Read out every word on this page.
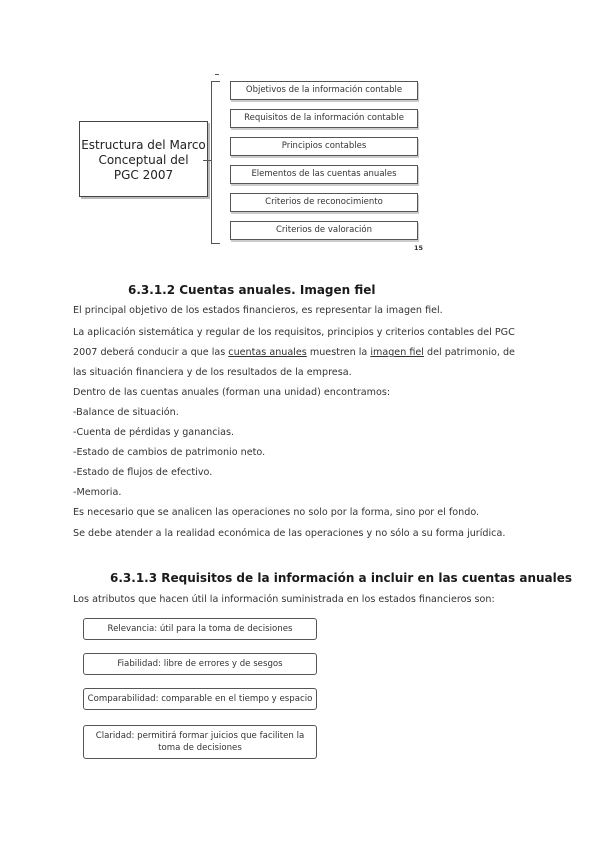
Estructura del Marco
Conceptual del
PGC 2007
Objetivos de la información contable
Requisitos de la información contable
Principios contables
Elementos de las cuentas anuales
Criterios de reconocimiento
Criterios de valoración
15
6.3.1.2 Cuentas anuales. Imagen fiel
El principal objetivo de los estados financieros, es representar la imagen fiel.
La aplicación sistemática y regular de los requisitos, principios y criterios contables del PGC
2007 deberá conducir a que las cuentas anuales muestren la imagen fiel del patrimonio, de
las situación financiera y de los resultados de la empresa.
Dentro de las cuentas anuales (forman una unidad) encontramos:
-Balance de situación.
-Cuenta de pérdidas y ganancias.
-Estado de cambios de patrimonio neto.
-Estado de flujos de efectivo.
-Memoria.
Es necesario que se analicen las operaciones no solo por la forma, sino por el fondo.
Se debe atender a la realidad económica de las operaciones y no sólo a su forma jurídica.
6.3.1.3 Requisitos de la información a incluir en las cuentas anuales
Los atributos que hacen útil la información suministrada en los estados financieros son:
Relevancia: útil para la toma de decisiones
Fiabilidad: libre de errores y de sesgos
Comparabilidad: comparable en el tiempo y espacio
Claridad: permitirá formar juicios que faciliten la toma de decisiones
